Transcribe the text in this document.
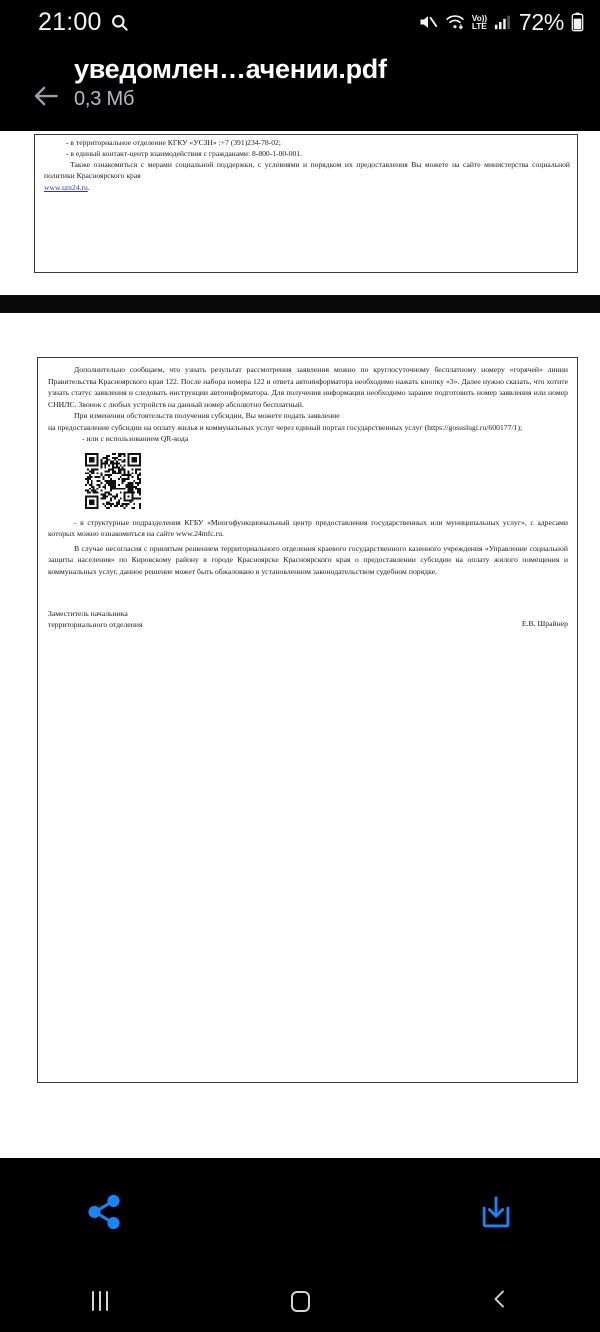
21:00	Vo))
LTE 72%
уведомлен…ачении.pdf
0,3 Мб

- в территориальное отделение КГКУ «УСЗН» :+7 (391)234-78-02;

- в единый контакт-центр взаимодействия с гражданами: 8-800-1-00-001.

Также ознакомиться с мерами социальной поддержки, с условиями и порядком их предоставления Вы можете на сайте министерства социальной политики Красноярского края

www.szn24.ru.

Дополнительно сообщаем, что узнать результат рассмотрения заявления можно по круглосуточному бесплатному номеру «горячей» линии Правительства Красноярского края 122. После набора номера 122 и ответа автоинформатора необходимо нажать кнопку «3». Далее нужно сказать, что хотите узнать статус заявления и следовать инструкции автоинформатора. Для получения информации необходимо заранее подготовить номер заявления или номер СНИЛС. Звонок с любых устройств на данный номер абсолютно бесплатный.

При изменении обстоятельств получения субсидии, Вы можете подать заявление

на предоставление субсидии на оплату жилья и коммунальных услуг через единый портал государственных услуг (https://gosuslugi.ru/600177/1);

- или с использованием QR-кода

- в структурные подразделения КГБУ «Многофункциональный центр предоставления государственных или муниципальных услуг», с адресами которых можно ознакомиться на сайте www.24mfc.ru.

В случае несогласия с принятым решением территориального отделения краевого государственного казенного учреждения «Управление социальной защиты населения» по Кировскому району в городе Красноярске Красноярского края о предоставлении субсидии на оплату жилого помещения и коммунальных услуг, данное решение может быть обжаловано в установленном законодательством судебном порядке.

Заместитель начальника
территориального отделения	Е.В. Шрайнер
